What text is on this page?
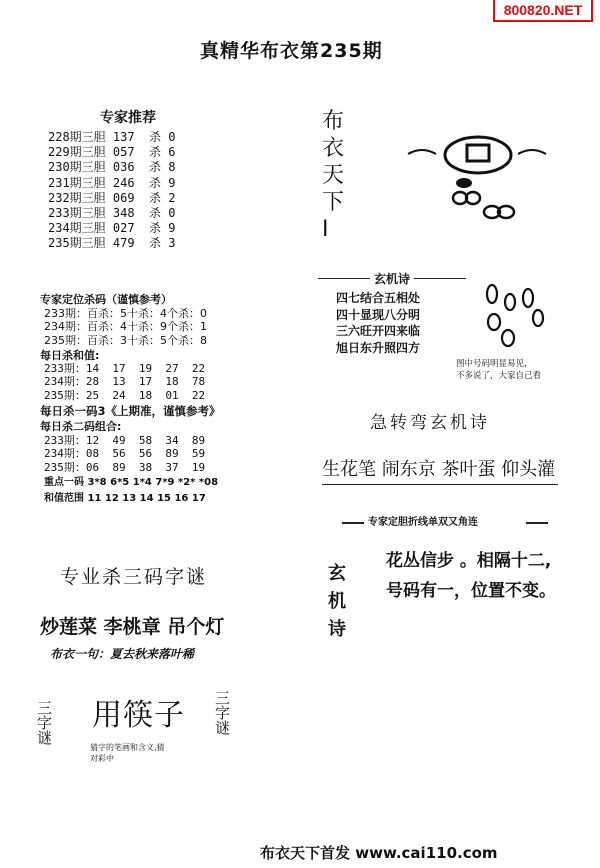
800820.NET
真精华布衣第235期
专家推荐
228期三胆 137  杀 0
229期三胆 057  杀 6
230期三胆 036  杀 8
231期三胆 246  杀 9
232期三胆 069  杀 2
233期三胆 348  杀 0
234期三胆 027  杀 9
235期三胆 479  杀 3
专家定位杀码（谨慎参考）
233期：百杀：5十杀：4个杀：0
234期：百杀：4十杀：9个杀：1
235期：百杀：3十杀：5个杀：8
每日杀和值:
233期：14  17  19  27  22
234期：28  13  17  18  78
235期：25  24  18  01  22
每日杀一码3《上期准，谨慎参考》
每日杀二码组合:
233期：12  49  58  34  89
234期：08  56  56  89  59
235期：06  89  38  37  19
重点一码 3*8 6*5 1*4 7*9 *2* *08
和值范围 11 12 13 14 15 16 17
专业杀三码字谜
炒莲菜 李桃章 吊个灯
布衣一句：夏去秋来落叶稀
三字谜 用筷子 三字谜
猜字的笔画和含义,猜
对彩中
布衣天下I
玄机诗
四七结合五相处
四十显现八分明
三六旺开四来临
旭日东升照四方
图中号码明显易见,
不多说了，大家自己看
急转弯玄机诗
生花笔 闹东京 茶叶蛋 仰头灌
专家定胆折线单双又角连
玄机诗
花丛信步 。相隔十二,
号码有一，位置不变。
布衣天下首发 www.cai110.com
